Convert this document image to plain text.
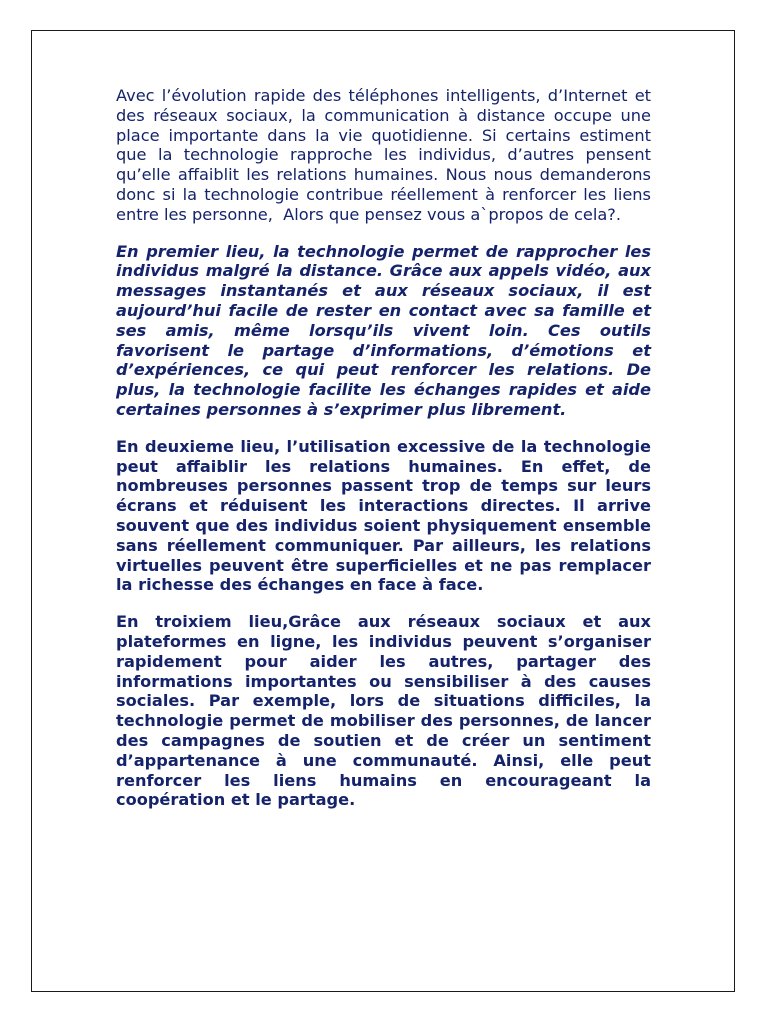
Avec l’évolution rapide des téléphones intelligents, d’Internet et des réseaux sociaux, la communication à distance occupe une place importante dans la vie quotidienne. Si certains estiment que la technologie rapproche les individus, d’autres pensent qu’elle affaiblit les relations humaines. Nous nous demanderons donc si la technologie contribue réellement à renforcer les liens entre les personne,  Alors que pensez vous a`propos de cela?.

En premier lieu, la technologie permet de rapprocher les individus malgré la distance. Grâce aux appels vidéo, aux messages instantanés et aux réseaux sociaux, il est aujourd’hui facile de rester en contact avec sa famille et ses amis, même lorsqu’ils vivent loin. Ces outils favorisent le partage d’informations, d’émotions et d’expériences, ce qui peut renforcer les relations. De plus, la technologie facilite les échanges rapides et aide certaines personnes à s’exprimer plus librement.

En deuxieme lieu, l’utilisation excessive de la technologie peut affaiblir les relations humaines. En effet, de nombreuses personnes passent trop de temps sur leurs écrans et réduisent les interactions directes. Il arrive souvent que des individus soient physiquement ensemble sans réellement communiquer. Par ailleurs, les relations virtuelles peuvent être superficielles et ne pas remplacer la richesse des échanges en face à face.

En troixiem lieu,Grâce aux réseaux sociaux et aux plateformes en ligne, les individus peuvent s’organiser rapidement pour aider les autres, partager des informations importantes ou sensibiliser à des causes sociales. Par exemple, lors de situations difficiles, la technologie permet de mobiliser des personnes, de lancer des campagnes de soutien et de créer un sentiment d’appartenance à une communauté. Ainsi, elle peut renforcer les liens humains en encourageant la coopération et le partage.
